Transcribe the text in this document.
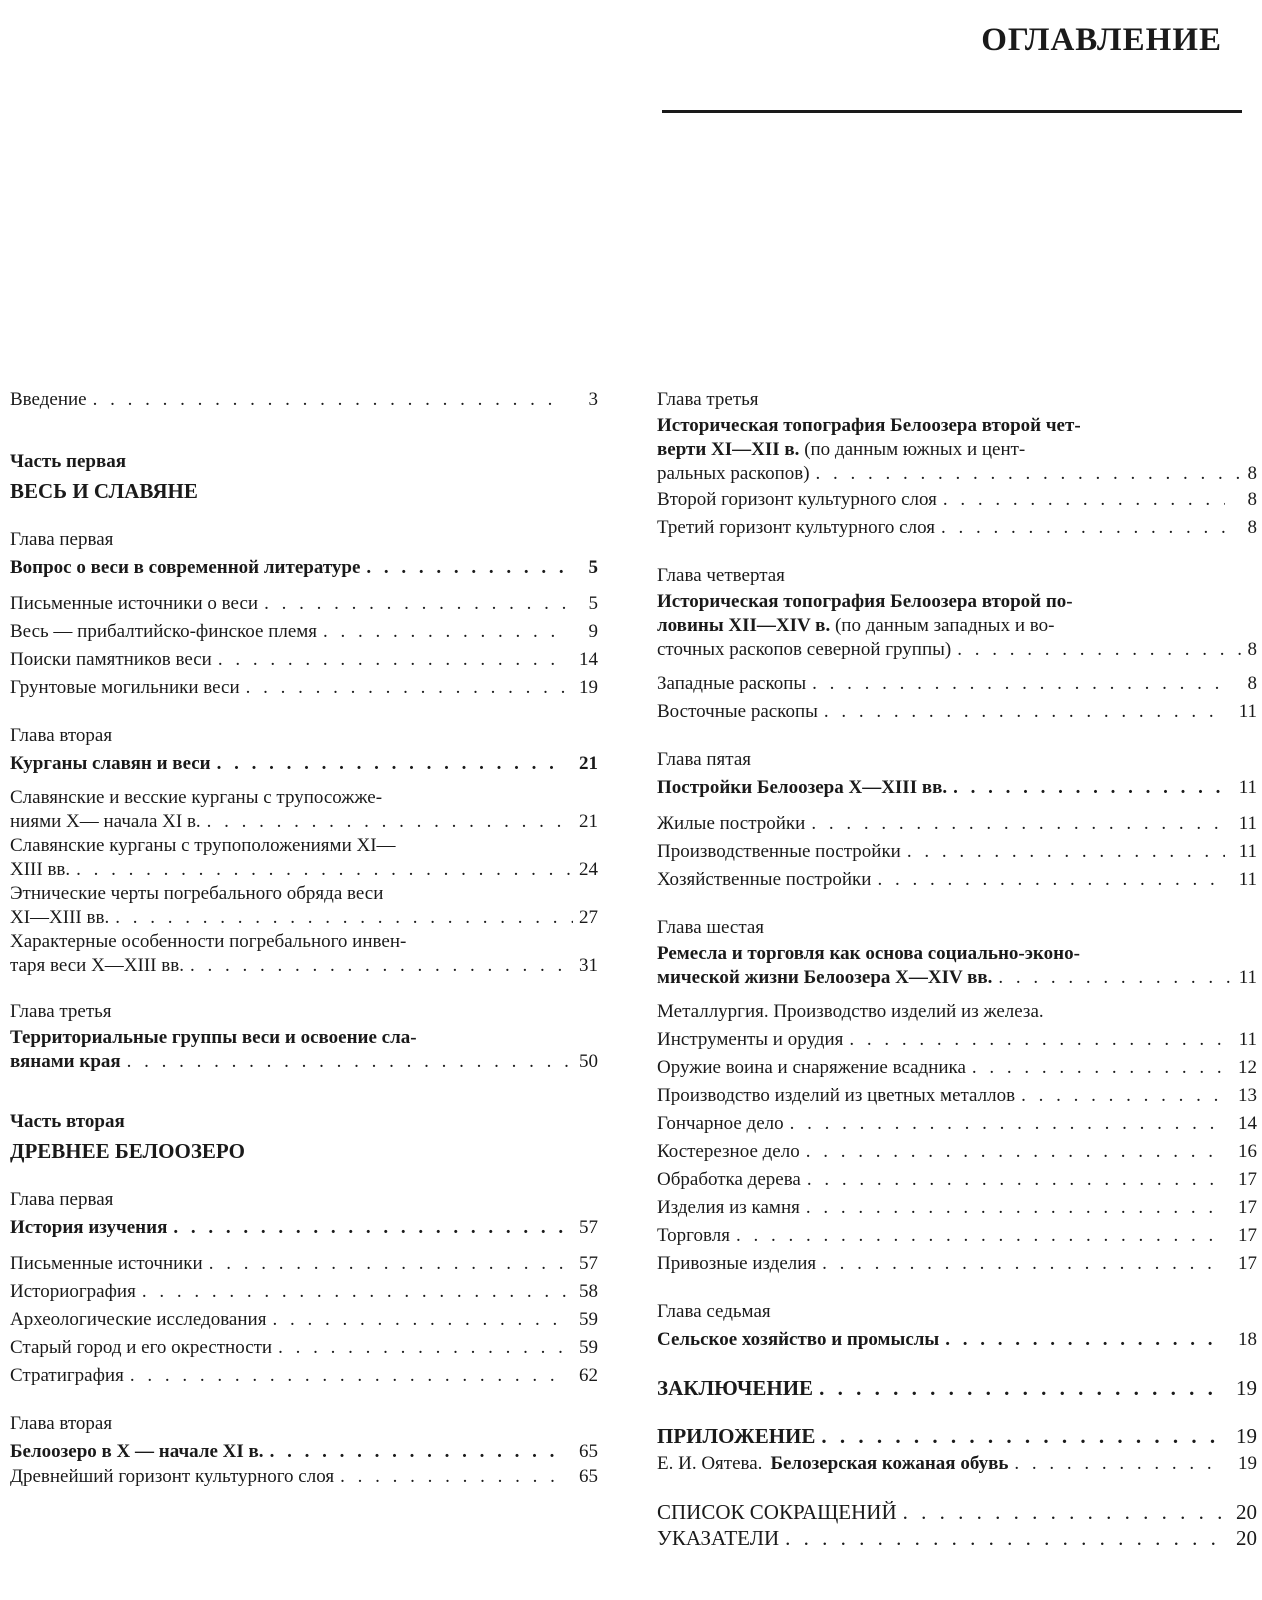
ОГЛАВЛЕНИЕ
Введение . . .	3
Часть первая
ВЕСЬ И СЛАВЯНЕ
Глава первая
Вопрос о веси в современной литературе . . .	5
Письменные источники о веси . . .	5
Весь — прибалтийско-финское племя . . .	9
Поиски памятников веси . . .	14
Грунтовые могильники веси . . .	19
Глава вторая
Курганы славян и веси . . .	21
Славянские и весские курганы с трупосожже-
ниями X— начала XI в. . . .	21
Славянские курганы с трупоположениями XI—
XIII вв. . . .	24
Этнические черты погребального обряда веси
XI—XIII вв. . . .	27
Характерные особенности погребального инвен-
таря веси X—XIII вв. . . .	31
Глава третья
Территориальные группы веси и освоение сла-
вянами края . . .	50
Часть вторая
ДРЕВНЕЕ БЕЛООЗЕРО
Глава первая
История изучения . . .	57
Письменные источники . . .	57
Историография . . .	58
Археологические исследования . . .	59
Старый город и его окрестности . . .	59
Стратиграфия . . .	62
Глава вторая
Белоозеро в X — начале XI в. . . .	65
Древнейший горизонт культурного слоя . . .	65
Глава третья
Историческая топография Белоозера второй чет-
верти XI—XII в. (по данным южных и цент-
ральных раскопов) . . .	8
Второй горизонт культурного слоя . . .	8
Третий горизонт культурного слоя . . .	8
Глава четвертая
Историческая топография Белоозера второй по-
ловины XII—XIV в. (по данным западных и во-
сточных раскопов северной группы) . . .	8
Западные раскопы . . .	8
Восточные раскопы . . .	11
Глава пятая
Постройки Белоозера X—XIII вв. . . .	11
Жилые постройки . . .	11
Производственные постройки . . .	11
Хозяйственные постройки . . .	11
Глава шестая
Ремесла и торговля как основа социально-эконо-
мической жизни Белоозера X—XIV вв. . . .	11
Металлургия. Производство изделий из железа.
Инструменты и орудия . . .	11
Оружие воина и снаряжение всадника . . .	12
Производство изделий из цветных металлов . . .	13
Гончарное дело . . .	14
Костерезное дело . . .	16
Обработка дерева . . .	17
Изделия из камня . . .	17
Торговля . . .	17
Привозные изделия . . .	17
Глава седьмая
Сельское хозяйство и промыслы . . .	18
ЗАКЛЮЧЕНИЕ . . .	19
ПРИЛОЖЕНИЕ . . .	19
Е. И. Оятева. Белозерская кожаная обувь . . .	19
СПИСОК СОКРАЩЕНИЙ . . .	20
УКАЗАТЕЛИ . . .	20
